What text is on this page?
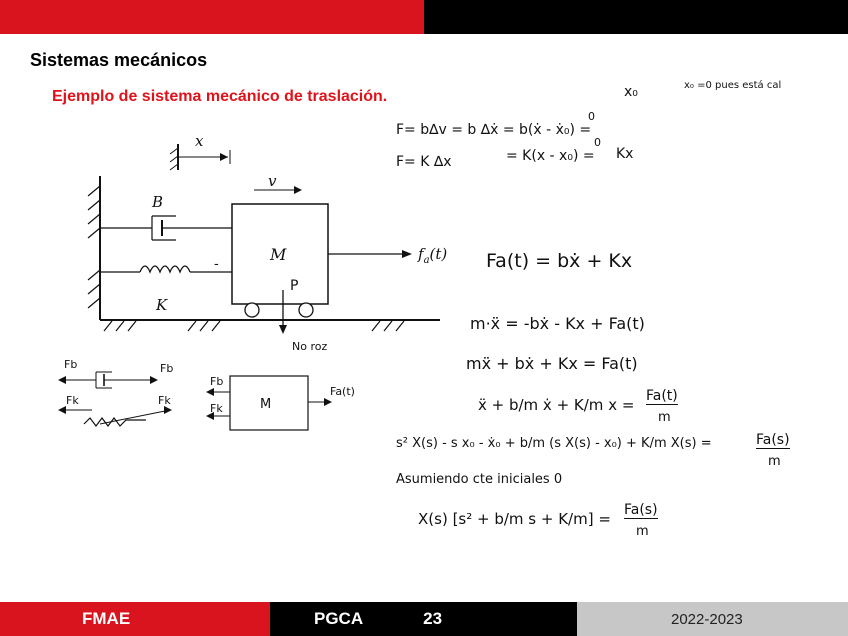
Sistemas mecánicos
Ejemplo de sistema mecánico de traslación.
x
M
v
B
K
-
$f_a(t)$
P
No roz
Fb	Fb
Fk	Fk	M
Fb
Fk
Fa(t)
x₀	x₀ =0 pues está cal
F= b∆v = b ∆ẋ = b(ẋ - ẋ₀) =
0
F= K ∆x	= K(x - x₀) =
0
Kx
Fa(t) = bẋ + Kx
m·ẍ = -bẋ - Kx + Fa(t)
mẍ + bẋ + Kx = Fa(t)
ẍ + b/m ẋ + K/m x = Fa(t)
m
s² X(s) - s x₀ - ẋ₀ + b/m (s X(s) - x₀) + K/m X(s) =	Fa(s)
m
Asumiendo cte iniciales 0
X(s) [s² + b/m s + K/m] = Fa(s)
m
FMAE	PGCA	23	2022-2023
